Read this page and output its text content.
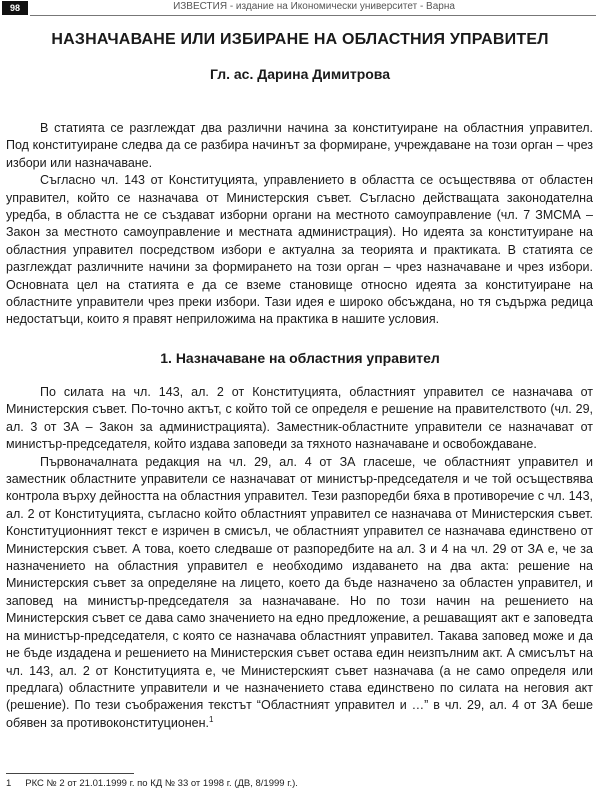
98	ИЗВЕСТИЯ - издание на Икономически университет - Варна
НАЗНАЧАВАНЕ ИЛИ ИЗБИРАНЕ НА ОБЛАСТНИЯ УПРАВИТЕЛ
Гл. ас. Дарина Димитрова

В статията се разглеждат два различни начина за конституиране на областния управител. Под конституиране следва да се разбира начинът за формиране, учреждаване на този орган – чрез избори или назначаване.

Съгласно чл. 143 от Конституцията, управлението в областта се осъществява от областен управител, който се назначава от Министерския съвет. Съгласно действащата законодателна уредба, в областта не се създават изборни органи на местното самоуправление (чл. 7 ЗМСМА – Закон за местното самоуправление и местната администрация). Но идеята за конституиране на областния управител посредством избори е актуална за теорията и практиката. В статията се разглеждат различните начини за формирането на този орган – чрез назначаване и чрез избори. Основната цел на статията е да се вземе становище относно идеята за конституиране на областните управители чрез преки избори. Тази идея е широко обсъждана, но тя съдържа редица недостатъци, които я правят неприложима на практика в нашите условия.

1. Назначаване на областния управител

По силата на чл. 143, ал. 2 от Конституцията, областният управител се назначава от Министерския съвет. По-точно актът, с който той се определя е решение на правителството (чл. 29, ал. 3 от ЗА – Закон за администрацията). Заместник-областните управители се назначават от министър-председателя, който издава заповеди за тяхното назначаване и освобождаване.

Първоначалната редакция на чл. 29, ал. 4 от ЗА гласеше, че областният управител и заместник областните управители се назначават от министър-председателя и че той осъществява контрола върху дейността на областния управител. Тези разпоредби бяха в противоречие с чл. 143, ал. 2 от Конституцията, съгласно който областният управител се назначава от Министерския съвет. Конституционният текст е изричен в смисъл, че областният управител се назначава единствено от Министерския съвет. А това, което следваше от разпоредбите на ал. 3 и 4 на чл. 29 от ЗА е, че за назначението на областния управител е необходимо издаването на два акта: решение на Министерския съвет за определяне на лицето, което да бъде назначено за областен управител, и заповед на министър-председателя за назначаване. Но по този начин на решението на Министерския съвет се дава само значението на едно предложение, а решаващият акт е заповедта на министър-председателя, с която се назначава областният управител. Такава заповед може и да не бъде издадена и решението на Министерския съвет остава един неизпълним акт. А смисълът на чл. 143, ал. 2 от Конституцията е, че Министерският съвет назначава (а не само определя или предлага) областните управители и че назначението става единствено по силата на неговия акт (решение). По тези съображения текстът “Областният управител и …” в чл. 29, ал. 4 от ЗА беше обявен за противоконституционен.$^1$

1 РКС № 2 от 21.01.1999 г. по КД № 33 от 1998 г. (ДВ, 8/1999 г.).
